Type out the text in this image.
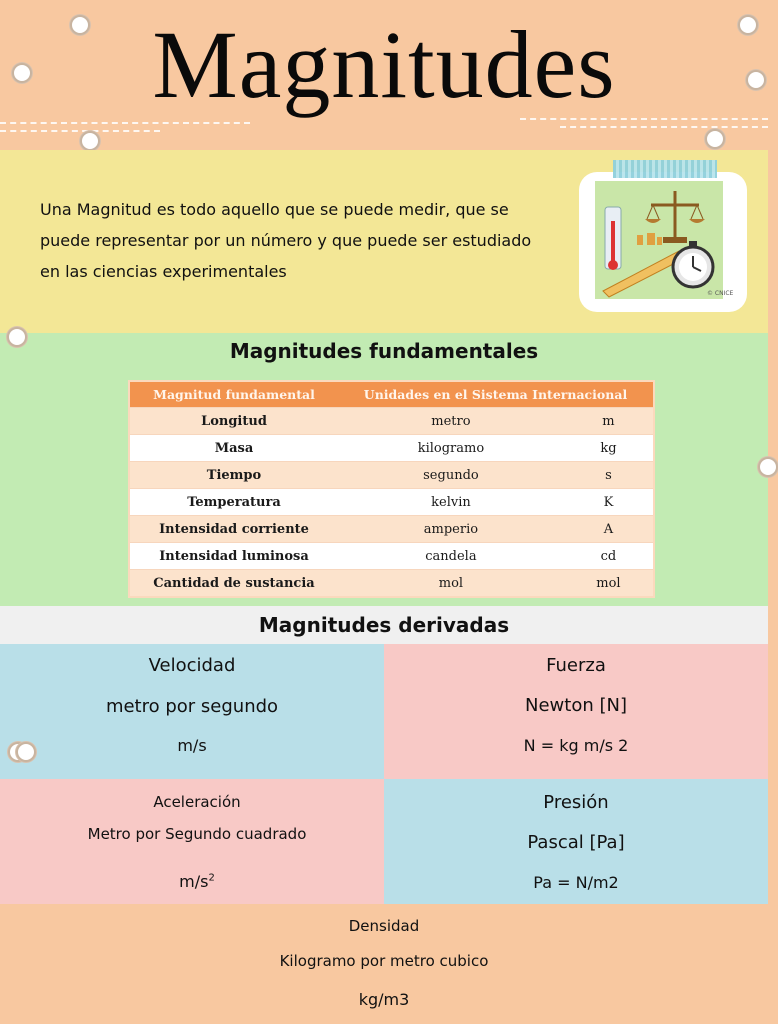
Magnitudes
Una Magnitud es todo aquello que se puede medir, que se
puede representar por un número y que puede ser estudiado
en las ciencias experimentales
© CNICE
Magnitudes fundamentales
Magnitud fundamental	Unidades en el Sistema Internacional	
Longitud	metro	m
Masa	kilogramo	kg
Tiempo	segundo	s
Temperatura	kelvin	K
Intensidad corriente	amperio	A
Intensidad luminosa	candela	cd
Cantidad de sustancia	mol	mol
Magnitudes derivadas
Velocidad
metro por segundo
m/s
Fuerza
Newton [N]
N = kg m/s 2
Aceleración
Metro por Segundo cuadrado
$m/s^2$
Presión
Pascal [Pa]
Pa = N/m2
Densidad
Kilogramo por metro cubico
kg/m3
